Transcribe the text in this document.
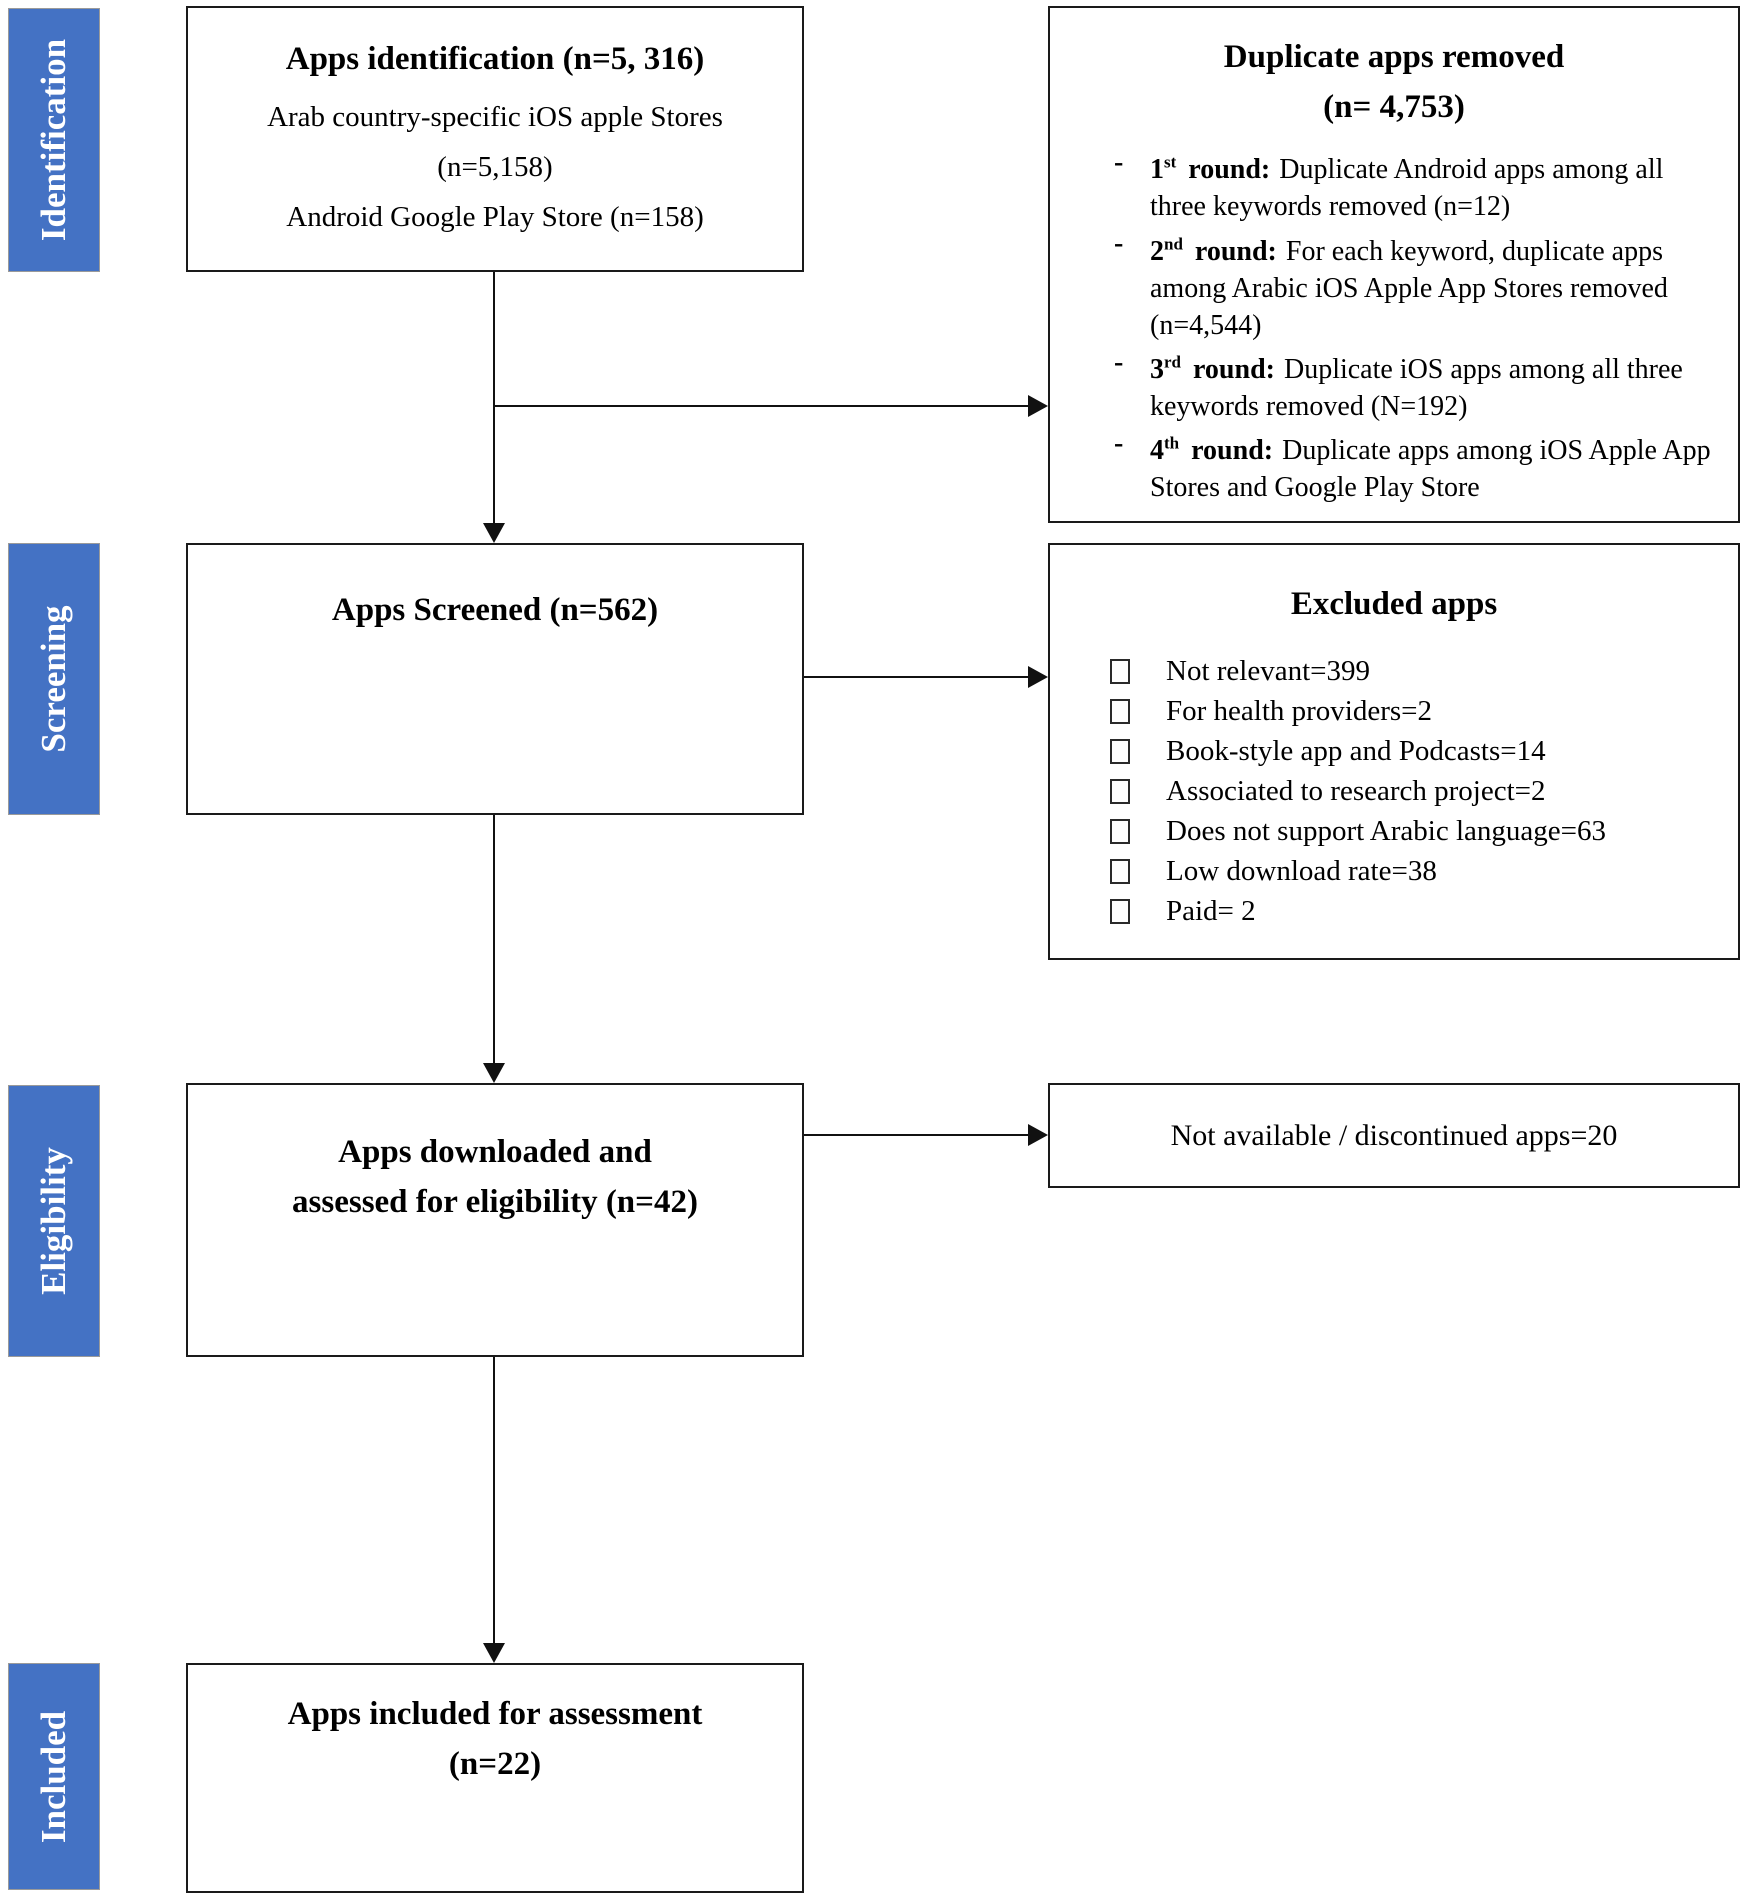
Identification
Screening
Eligibility
Included
Apps identification (n=5, 316)
Arab country-specific iOS apple Stores
(n=5,158)
Android Google Play Store (n=158)
Apps Screened (n=562)
Apps downloaded and
assessed for eligibility (n=42)
Apps included for assessment
(n=22)
Duplicate apps removed
(n= 4,753)
- 1st round: Duplicate Android apps among all three keywords removed (n=12)
- 2nd round: For each keyword, duplicate apps among Arabic iOS Apple App Stores removed (n=4,544)
- 3rd round: Duplicate iOS apps among all three keywords removed (N=192)
- 4th round: Duplicate apps among iOS Apple App Stores and Google Play Store
Excluded apps
Not relevant=399
For health providers=2
Book-style app and Podcasts=14
Associated to research project=2
Does not support Arabic language=63
Low download rate=38
Paid= 2
Not available / discontinued apps=20
